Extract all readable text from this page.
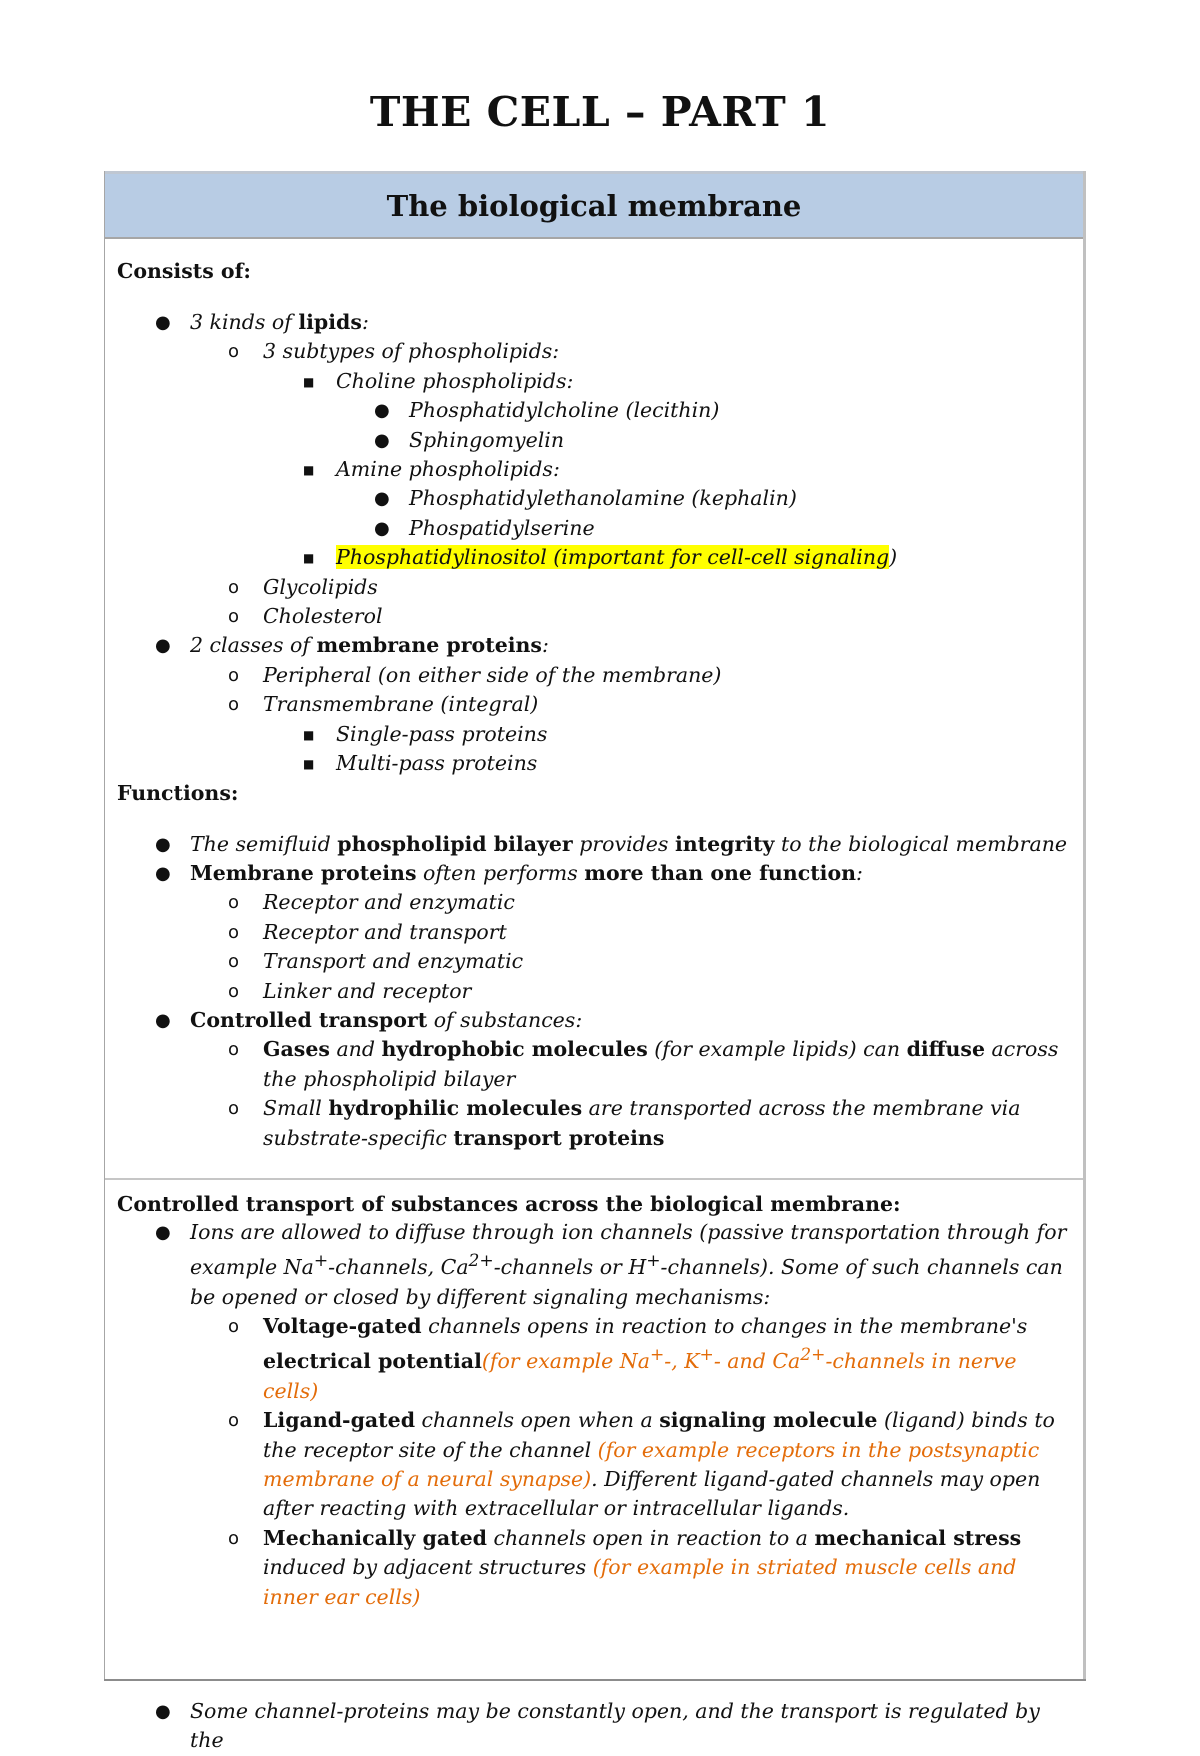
THE CELL – PART 1
The biological membrane
Consists of:
● 3 kinds of lipids:
o 3 subtypes of phospholipids:
■ Choline phospholipids:
● Phosphatidylcholine (lecithin)
● Sphingomyelin
■ Amine phospholipids:
● Phosphatidylethanolamine (kephalin)
● Phospatidylserine
■ Phosphatidylinositol (important for cell-cell signaling)
o Glycolipids
o Cholesterol
● 2 classes of membrane proteins:
o Peripheral (on either side of the membrane)
o Transmembrane (integral)
■ Single-pass proteins
■ Multi-pass proteins
Functions:
● The semifluid phospholipid bilayer provides integrity to the biological membrane
● Membrane proteins often performs more than one function:
o Receptor and enzymatic
o Receptor and transport
o Transport and enzymatic
o Linker and receptor
● Controlled transport of substances:
o Gases and hydrophobic molecules (for example lipids) can diffuse across the phospholipid bilayer
o Small hydrophilic molecules are transported across the membrane via substrate-specific transport proteins
Controlled transport of substances across the biological membrane:
● Ions are allowed to diffuse through ion channels (passive transportation through for example Na+-channels, $Ca^{2+}$-channels or H+-channels). Some of such channels can be opened or closed by different signaling mechanisms:
o Voltage-gated channels opens in reaction to changes in the membrane's electrical potential(for example Na+-, K+- and $Ca^{2+}$-channels in nerve cells)
o Ligand-gated channels open when a signaling molecule (ligand) binds to the receptor site of the channel (for example receptors in the postsynaptic membrane of a neural synapse). Different ligand-gated channels may open after reacting with extracellular or intracellular ligands.
o Mechanically gated channels open in reaction to a mechanical stress induced by adjacent structures (for example in striated muscle cells and inner ear cells)
● Some channel-proteins may be constantly open, and the transport is regulated by the
